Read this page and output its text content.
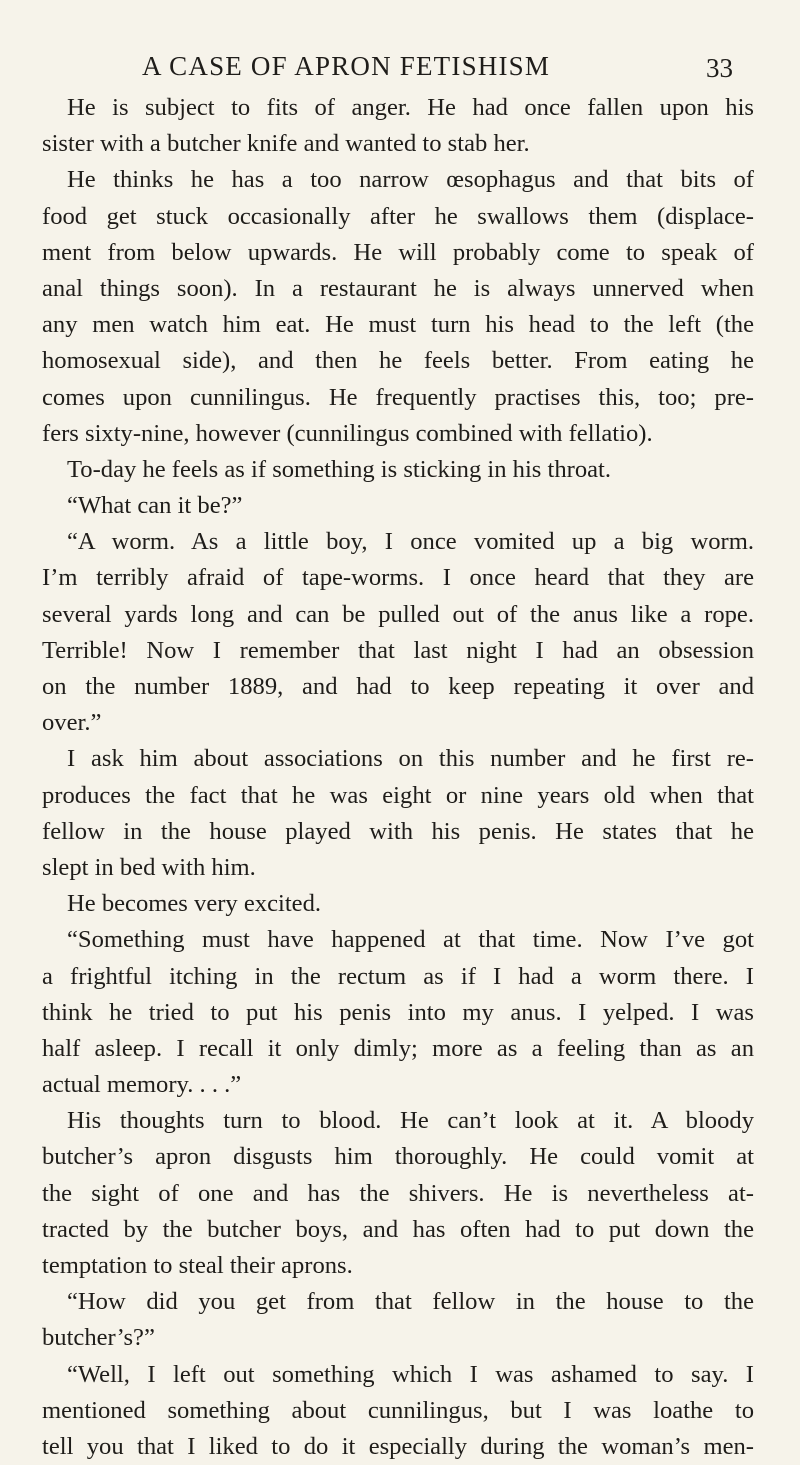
A CASE OF APRON FETISHISM	33
He is subject to fits of anger. He had once fallen upon his
sister with a butcher knife and wanted to stab her.
He thinks he has a too narrow œsophagus and that bits of
food get stuck occasionally after he swallows them (displace-
ment from below upwards. He will probably come to speak of
anal things soon). In a restaurant he is always unnerved when
any men watch him eat. He must turn his head to the left (the
homosexual side), and then he feels better. From eating he
comes upon cunnilingus. He frequently practises this, too; pre-
fers sixty-nine, however (cunnilingus combined with fellatio).
To-day he feels as if something is sticking in his throat.
“What can it be?”
“A worm. As a little boy, I once vomited up a big worm.
I’m terribly afraid of tape-worms. I once heard that they are
several yards long and can be pulled out of the anus like a rope.
Terrible! Now I remember that last night I had an obsession
on the number 1889, and had to keep repeating it over and
over.”
I ask him about associations on this number and he first re-
produces the fact that he was eight or nine years old when that
fellow in the house played with his penis. He states that he
slept in bed with him.
He becomes very excited.
“Something must have happened at that time. Now I’ve got
a frightful itching in the rectum as if I had a worm there. I
think he tried to put his penis into my anus. I yelped. I was
half asleep. I recall it only dimly; more as a feeling than as an
actual memory. . . .”
His thoughts turn to blood. He can’t look at it. A bloody
butcher’s apron disgusts him thoroughly. He could vomit at
the sight of one and has the shivers. He is nevertheless at-
tracted by the butcher boys, and has often had to put down the
temptation to steal their aprons.
“How did you get from that fellow in the house to the
butcher’s?”
“Well, I left out something which I was ashamed to say. I
mentioned something about cunnilingus, but I was loathe to
tell you that I liked to do it especially during the woman’s men-
